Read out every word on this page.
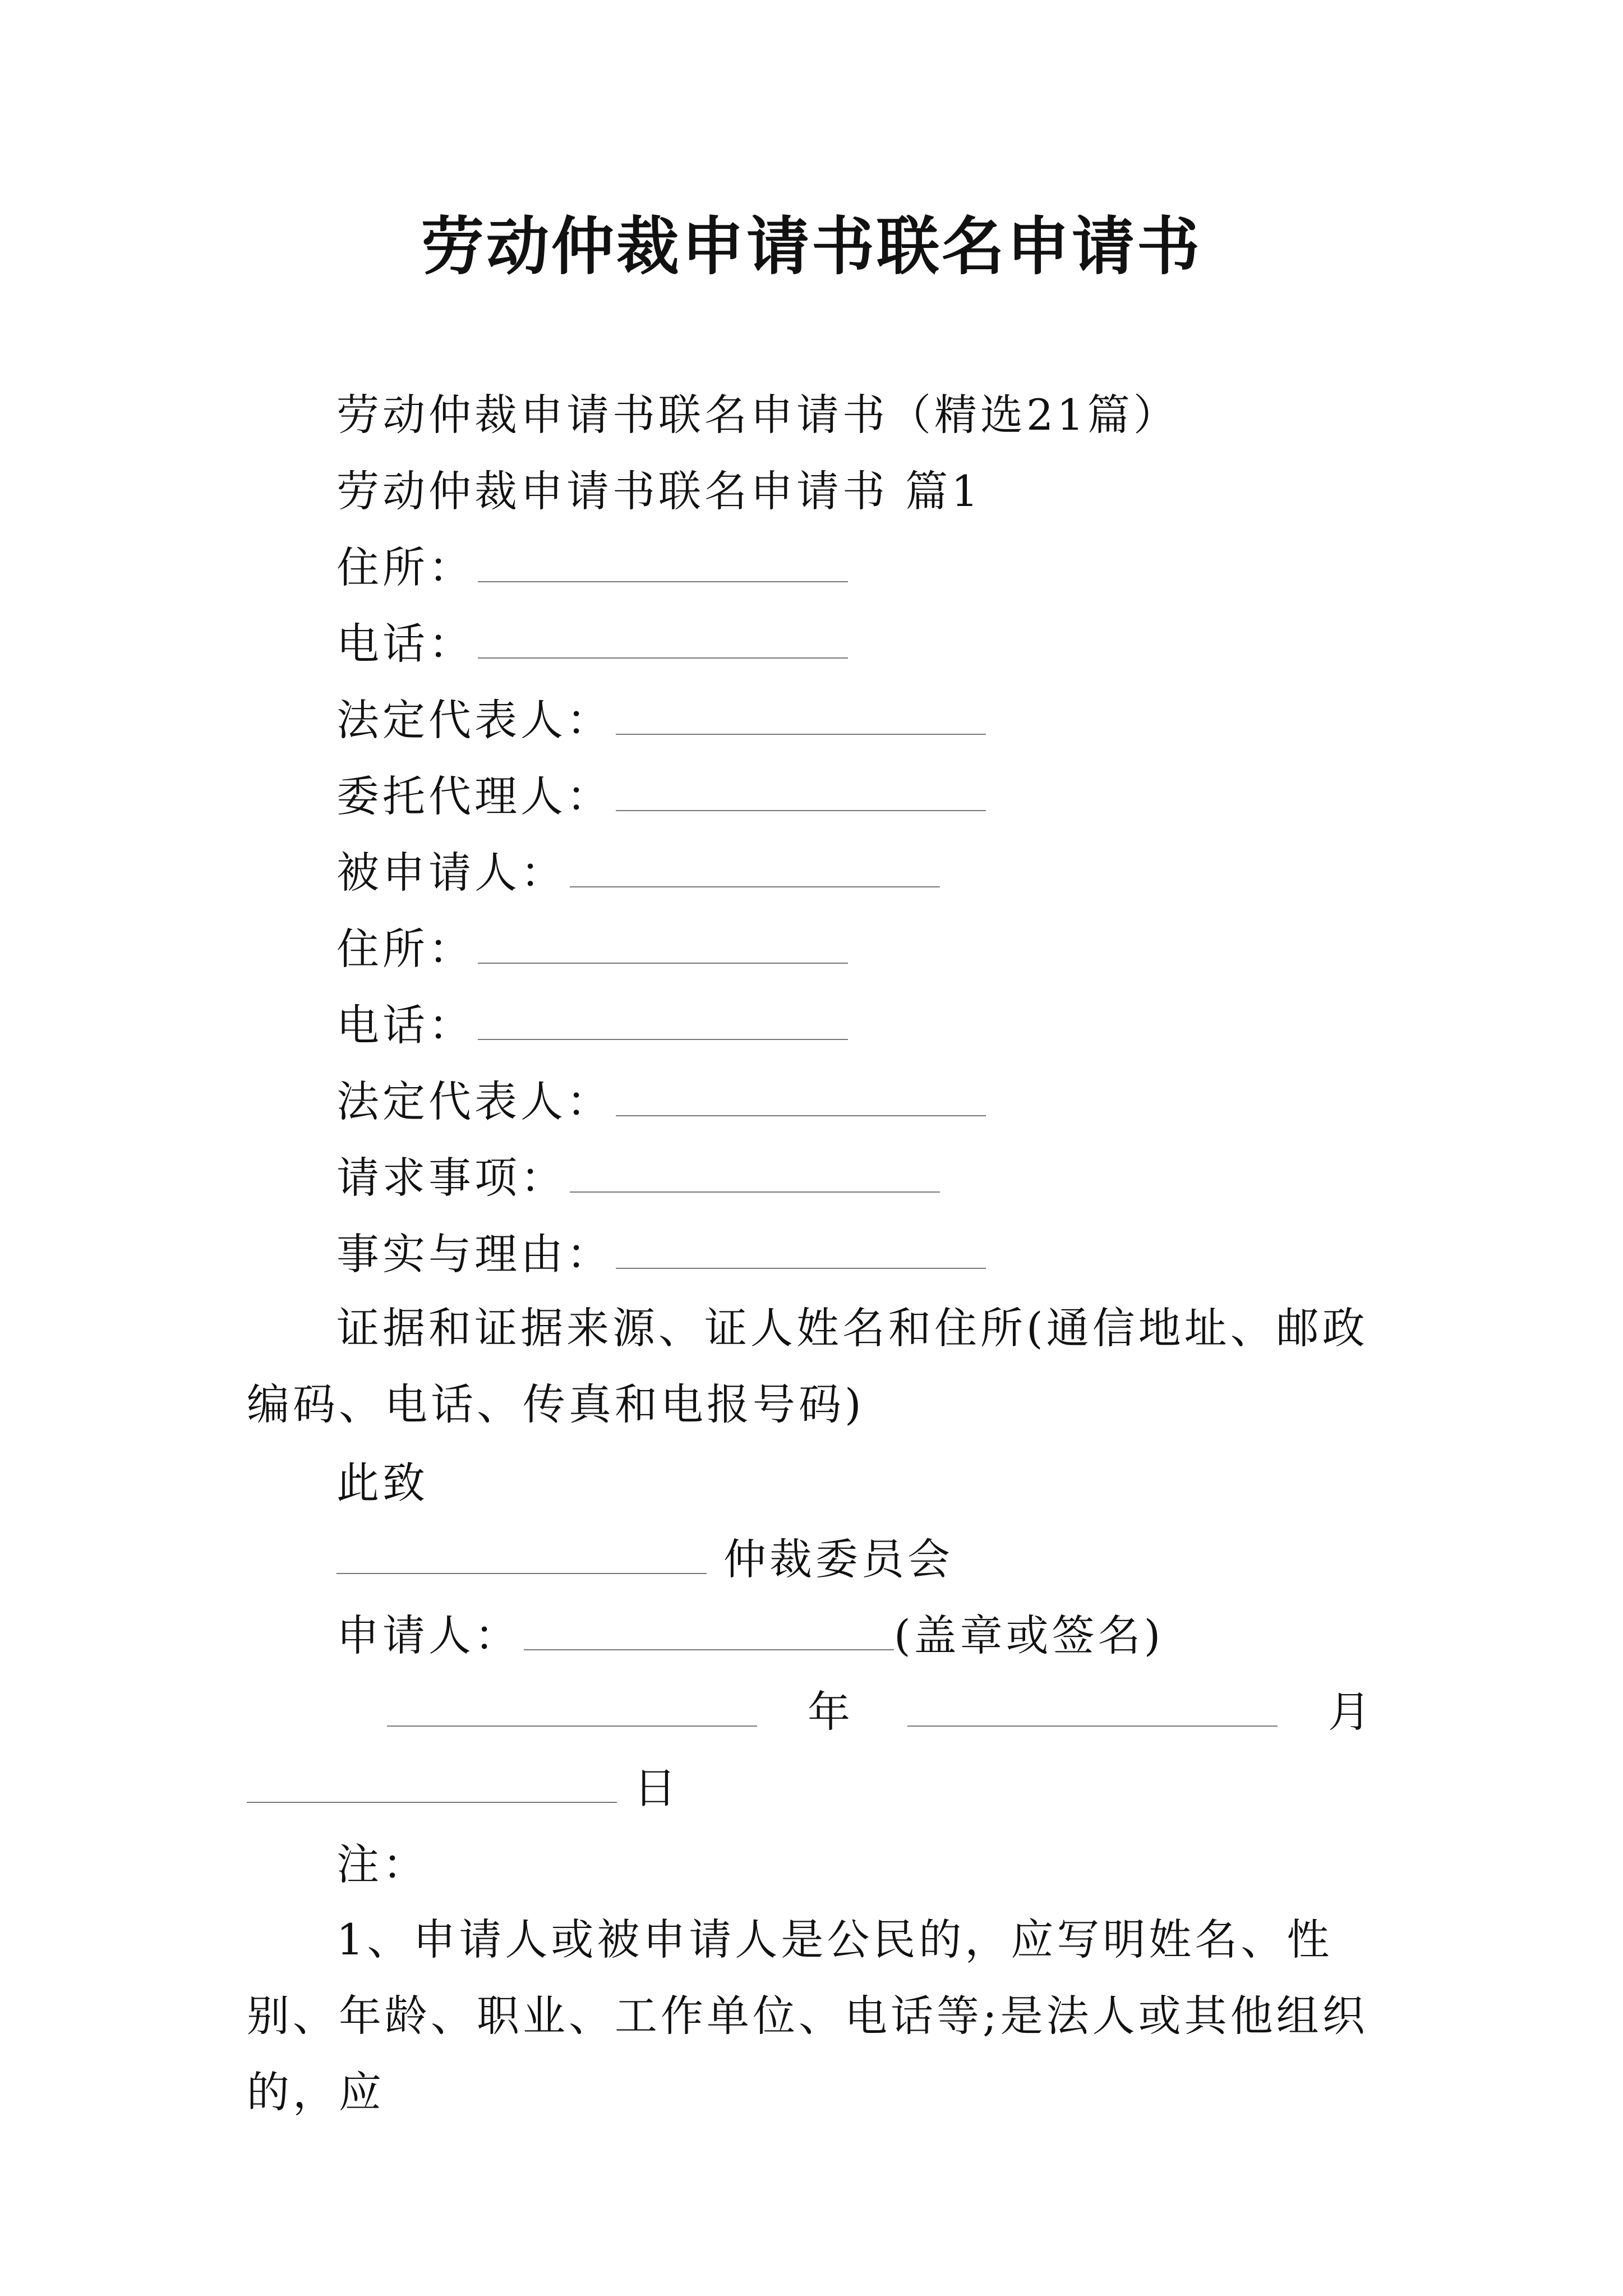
劳动仲裁申请书联名申请书
劳动仲裁申请书联名申请书（精选21篇）
劳动仲裁申请书联名申请书 篇1
住所：
电话：
法定代表人：
委托代理人：
被申请人：
住所：
电话：
法定代表人：
请求事项：
事实与理由：
证据和证据来源、证人姓名和住所(通信地址、邮政编码、电话、传真和电报号码)
此致
仲裁委员会
申请人：	(盖章或签名)
年	月
日
注：
1、申请人或被申请人是公民的，应写明姓名、性别、年龄、职业、工作单位、电话等;是法人或其他组织的，应
